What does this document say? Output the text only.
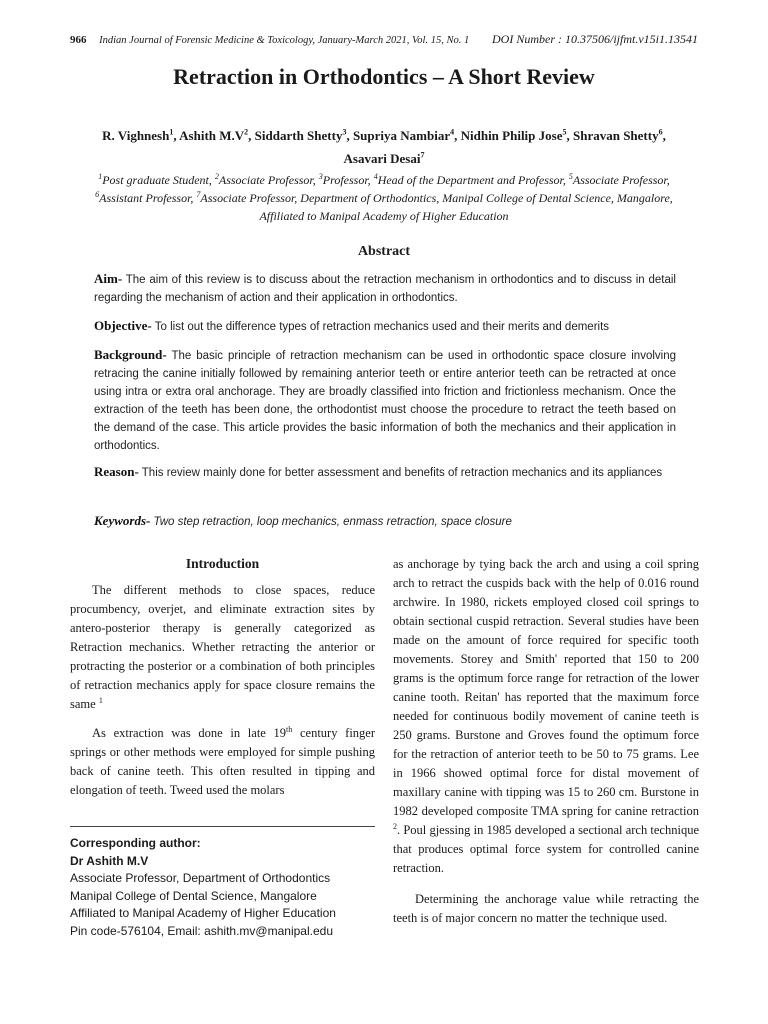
966 Indian Journal of Forensic Medicine & Toxicology, January-March 2021, Vol. 15, No. 1 DOI Number : 10.37506/ijfmt.v15i1.13541
Retraction in Orthodontics – A Short Review
R. Vighnesh$^1$, Ashith $M.V^2$, Siddarth Shetty$^3$, Supriya Nambiar$^4$, Nidhin Philip Jose$^5$, Shravan Shetty$^6$,
Asavari Desai$^7$
$^1$Post graduate Student, $^2$Associate Professor, $^3$Professor, $^4$Head of the Department and Professor, $^5$Associate Professor, $^6$Assistant Professor, $^7$Associate Professor, Department of Orthodontics, Manipal College of Dental Science, Mangalore, Affiliated to Manipal Academy of Higher Education
Abstract

Aim- The aim of this review is to discuss about the retraction mechanism in orthodontics and to discuss in detail regarding the mechanism of action and their application in orthodontics.

Objective- To list out the difference types of retraction mechanics used and their merits and demerits

Background- The basic principle of retraction mechanism can be used in orthodontic space closure involving retracing the canine initially followed by remaining anterior teeth or entire anterior teeth can be retracted at once using intra or extra oral anchorage. They are broadly classified into friction and frictionless mechanism. Once the extraction of the teeth has been done, the orthodontist must choose the procedure to retract the teeth based on the demand of the case. This article provides the basic information of both the mechanics and their application in orthodontics.

Reason- This review mainly done for better assessment and benefits of retraction mechanics and its appliances

Keywords- Two step retraction, loop mechanics, enmass retraction, space closure

Introduction

The different methods to close spaces, reduce procumbency, overjet, and eliminate extraction sites by antero-posterior therapy is generally categorized as Retraction mechanics. Whether retracting the anterior or protracting the posterior or a combination of both principles of retraction mechanics apply for space closure remains the same $^1$

As extraction was done in late 19th century finger springs or other methods were employed for simple pushing back of canine teeth. This often resulted in tipping and elongation of teeth. Tweed used the molars

Corresponding author:
Dr Ashith M.V
Associate Professor, Department of Orthodontics
Manipal College of Dental Science, Mangalore
Affiliated to Manipal Academy of Higher Education
Pin code-576104, Email: ashith.mv@manipal.edu

as anchorage by tying back the arch and using a coil spring arch to retract the cuspids back with the help of 0.016 round archwire. In 1980, rickets employed closed coil springs to obtain sectional cuspid retraction. Several studies have been made on the amount of force required for specific tooth movements. Storey and Smith' reported that 150 to 200 grams is the optimum force range for retraction of the lower canine tooth. Reitan' has reported that the maximum force needed for continuous bodily movement of canine teeth is 250 grams. Burstone and Groves found the optimum force for the retraction of anterior teeth to be 50 to 75 grams. Lee in 1966 showed optimal force for distal movement of maxillary canine with tipping was 15 to 260 cm. Burstone in 1982 developed composite TMA spring for canine retraction $^2$. Poul gjessing in 1985 developed a sectional arch technique that produces optimal force system for controlled canine retraction.

Determining the anchorage value while retracting the teeth is of major concern no matter the technique used.
